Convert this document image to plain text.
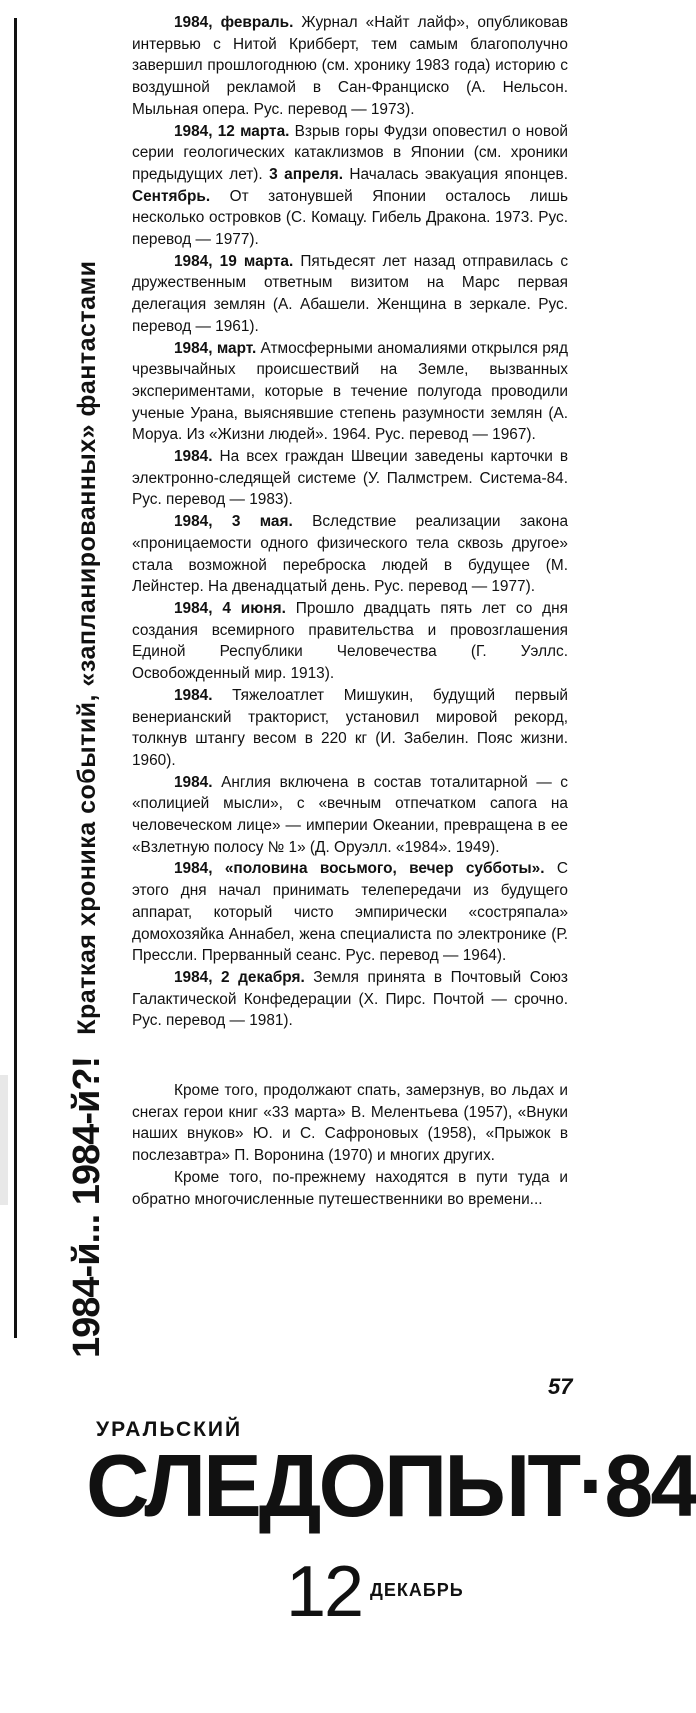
1984-й... 1984-й?!
Краткая хроника событий, «запланированных» фантастами

1984, февраль. Журнал «Найт лайф», опубликовав интервью с Нитой Крибберт, тем самым благополучно завершил прошлогоднюю (см. хронику 1983 года) историю с воздушной рекламой в Сан-Франциско (А. Нельсон. Мыльная опера. Рус. перевод — 1973).

1984, 12 марта. Взрыв горы Фудзи оповестил о новой серии геологических катаклизмов в Японии (см. хроники предыдущих лет). 3 апреля. Началась эвакуация японцев. Сентябрь. От затонувшей Японии осталось лишь несколько островков (С. Комацу. Гибель Дракона. 1973. Рус. перевод — 1977).

1984, 19 марта. Пятьдесят лет назад отправилась с дружественным ответным визитом на Марс первая делегация землян (А. Абашели. Женщина в зеркале. Рус. перевод — 1961).

1984, март. Атмосферными аномалиями открылся ряд чрезвычайных происшествий на Земле, вызванных экспериментами, которые в течение полугода проводили ученые Урана, выяснявшие степень разумности землян (А. Моруа. Из «Жизни людей». 1964. Рус. перевод — 1967).

1984. На всех граждан Швеции заведены карточки в электронно-следящей системе (У. Палмстрем. Система-84. Рус. перевод — 1983).

1984, 3 мая. Вследствие реализации закона «проницаемости одного физического тела сквозь другое» стала возможной переброска людей в будущее (М. Лейнстер. На двенадцатый день. Рус. перевод — 1977).

1984, 4 июня. Прошло двадцать пять лет со дня создания всемирного правительства и провозглашения Единой Республики Человечества (Г. Уэллс. Освобожденный мир. 1913).

1984. Тяжелоатлет Мишукин, будущий первый венерианский тракторист, установил мировой рекорд, толкнув штангу весом в 220 кг (И. Забелин. Пояс жизни. 1960).

1984. Англия включена в состав тоталитарной — с «полицией мысли», с «вечным отпечатком сапога на человеческом лице» — империи Океании, превращена в ее «Взлетную полосу № 1» (Д. Оруэлл. «1984». 1949).

1984, «половина восьмого, вечер субботы». С этого дня начал принимать телепередачи из будущего аппарат, который чисто эмпирически «состряпала» домохозяйка Аннабел, жена специалиста по электронике (Р. Прессли. Прерванный сеанс. Рус. перевод — 1964).

1984, 2 декабря. Земля принята в Почтовый Союз Галактической Конфедерации (Х. Пирс. Почтой — срочно. Рус. перевод — 1981).

Кроме того, продолжают спать, замерзнув, во льдах и снегах герои книг «33 марта» В. Мелентьева (1957), «Внуки наших внуков» Ю. и С. Сафроновых (1958), «Прыжок в послезавтра» П. Воронина (1970) и многих других.

Кроме того, по-прежнему находятся в пути туда и обратно многочисленные путешественники во времени...

57
УРАЛЬСКИЙ
СЛЕДОПЫТ·84
12 ДЕКАБРЬ
